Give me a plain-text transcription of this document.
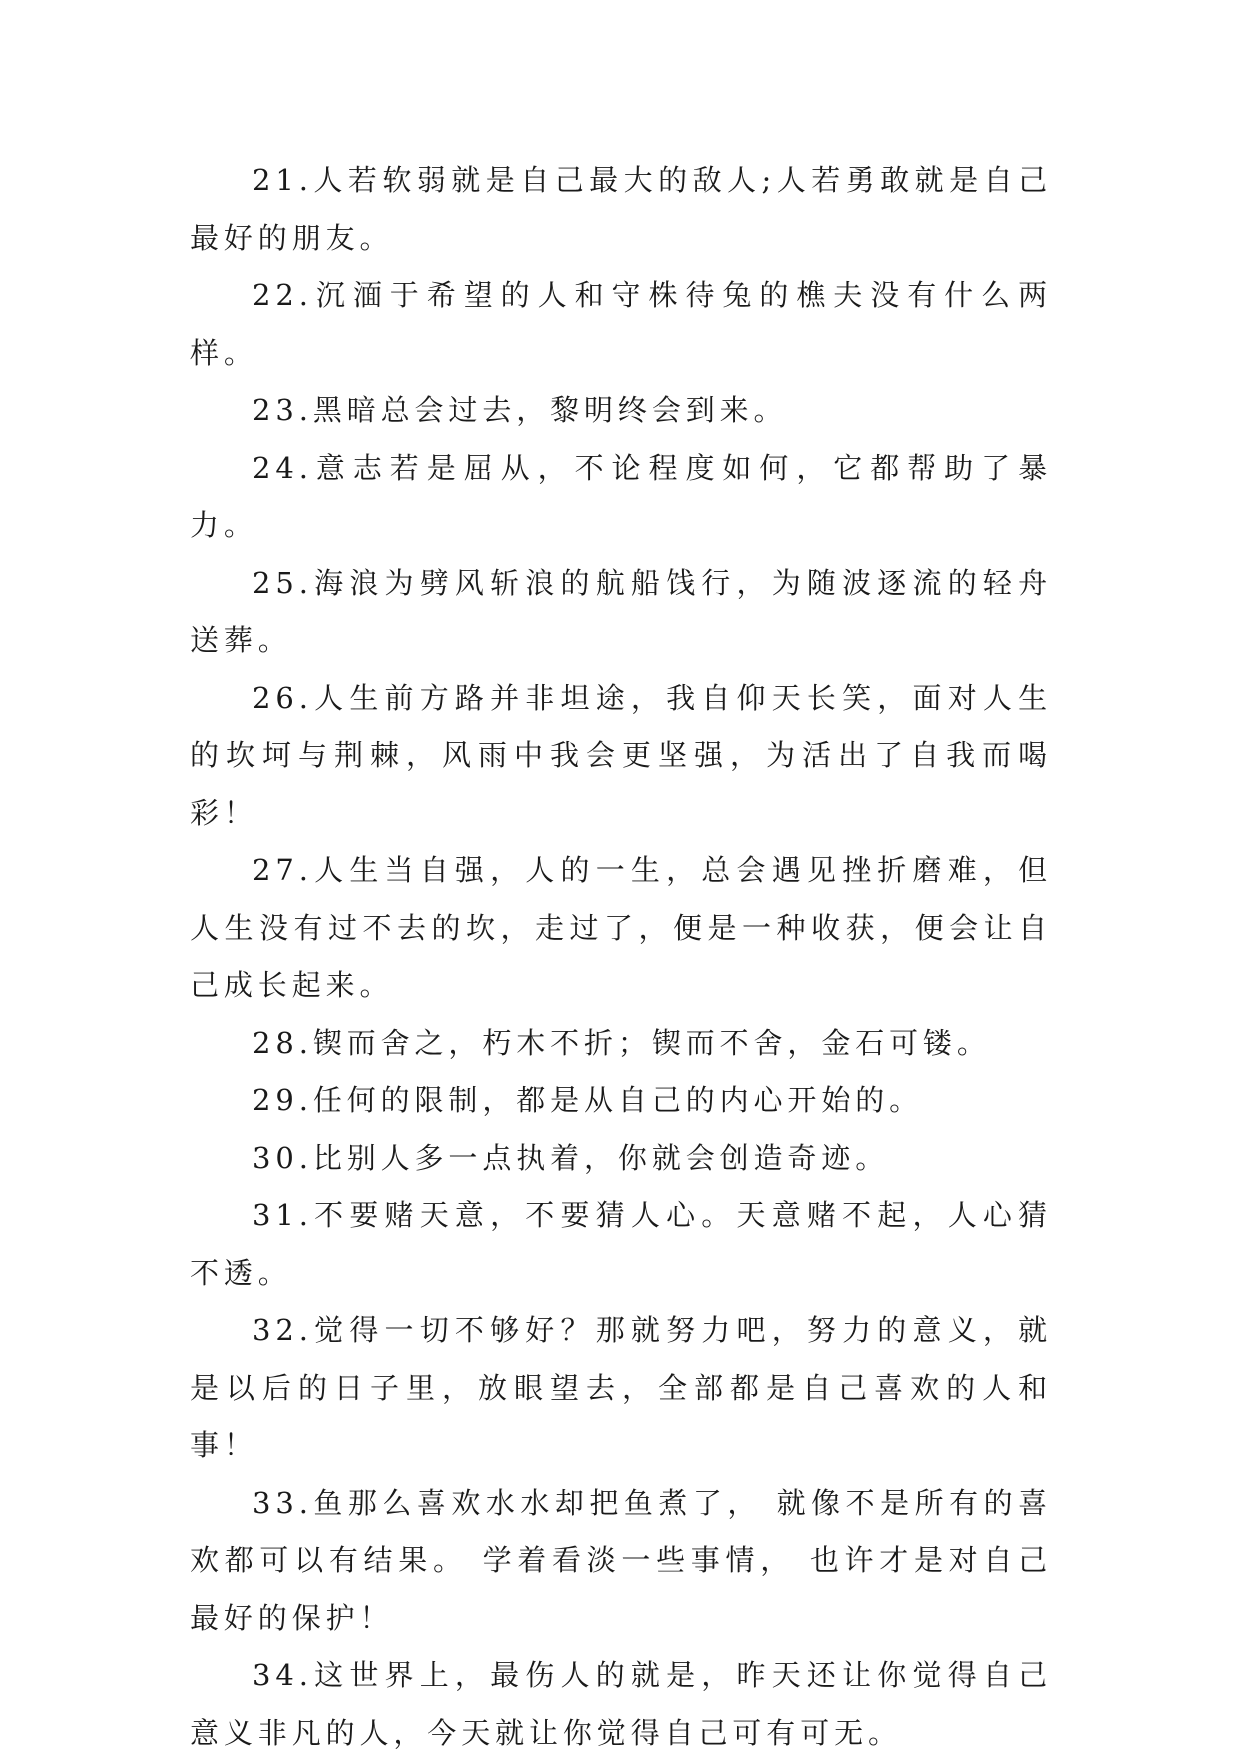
21.人若软弱就是自己最大的敌人;人若勇敢就是自己最好的朋友。

22.沉湎于希望的人和守株待兔的樵夫没有什么两样。

23.黑暗总会过去，黎明终会到来。

24.意志若是屈从，不论程度如何，它都帮助了暴力。

25.海浪为劈风斩浪的航船饯行，为随波逐流的轻舟送葬。

26.人生前方路并非坦途，我自仰天长笑，面对人生的坎坷与荆棘，风雨中我会更坚强，为活出了自我而喝彩！

27.人生当自强，人的一生，总会遇见挫折磨难，但人生没有过不去的坎，走过了，便是一种收获，便会让自己成长起来。

28.锲而舍之，朽木不折；锲而不舍，金石可镂。

29.任何的限制，都是从自己的内心开始的。

30.比别人多一点执着，你就会创造奇迹。

31.不要赌天意，不要猜人心。天意赌不起，人心猜不透。

32.觉得一切不够好？那就努力吧，努力的意义，就是以后的日子里，放眼望去，全部都是自己喜欢的人和事！

33.鱼那么喜欢水水却把鱼煮了， 就像不是所有的喜欢都可以有结果。 学着看淡一些事情， 也许才是对自己最好的保护！

34.这世界上，最伤人的就是，昨天还让你觉得自己意义非凡的人，今天就让你觉得自己可有可无。
